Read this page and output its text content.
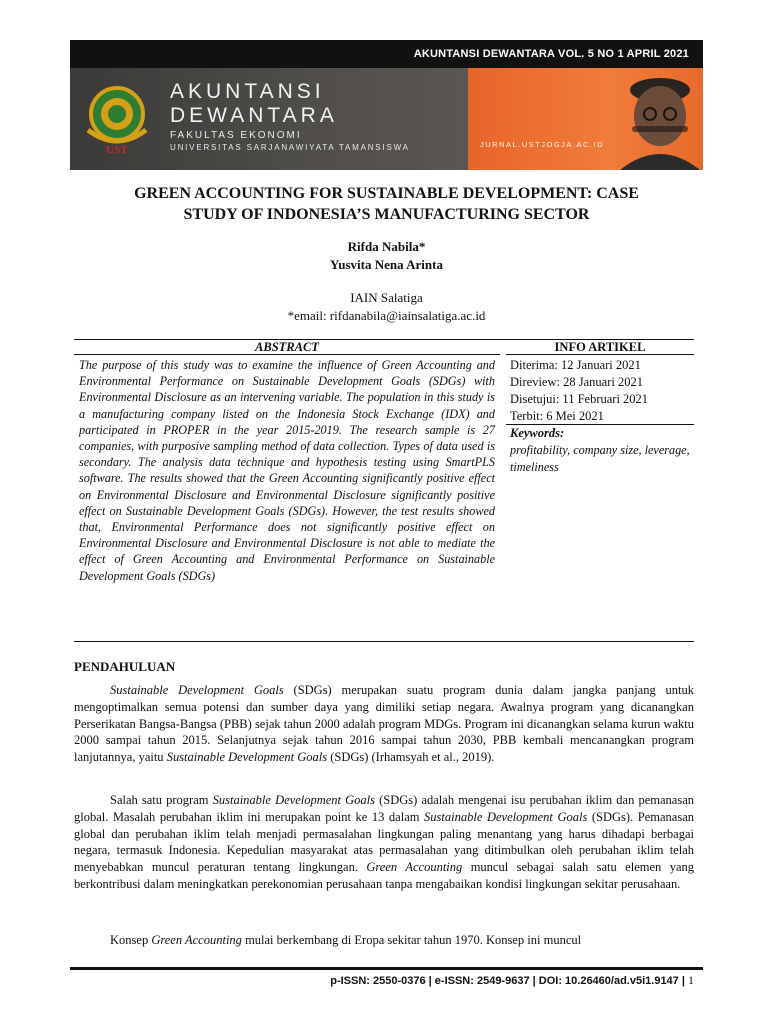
AKUNTANSI DEWANTARA VOL. 5 NO 1 APRIL 2021
UST
AKUNTANSI
DEWANTARA
FAKULTAS EKONOMI
UNIVERSITAS SARJANAWIYATA TAMANSISWA	JURNAL.USTJOGJA.AC.ID
GREEN ACCOUNTING FOR SUSTAINABLE DEVELOPMENT: CASE
STUDY OF INDONESIA’S MANUFACTURING SECTOR
Rifda Nabila*
Yusvita Nena Arinta
IAIN Salatiga
*email: rifdanabila@iainsalatiga.ac.id
ABSTRACT	INFO ARTIKEL
The purpose of this study was to examine the influence of Green Accounting and Environmental Performance on Sustainable Development Goals (SDGs) with Environmental Disclosure as an intervening variable. The population in this study is a manufacturing company listed on the Indonesia Stock Exchange (IDX) and participated in PROPER in the year 2015-2019. The research sample is 27 companies, with purposive sampling method of data collection. Types of data used is secondary. The analysis data technique and hypothesis testing using SmartPLS software. The results showed that the Green Accounting significantly positive effect on Environmental Disclosure and Environmental Disclosure significantly positive effect on Sustainable Development Goals (SDGs). However, the test results showed that, Environmental Performance does not significantly positive effect on Environmental Disclosure and Environmental Disclosure is not able to mediate the effect of Green Accounting and Environmental Performance on Sustainable Development Goals (SDGs)
Diterima: 12 Januari 2021
Direview: 28 Januari 2021
Disetujui: 11 Februari 2021
Terbit: 6 Mei 2021
Keywords:
profitability, company size, leverage, timeliness
PENDAHULUAN

Sustainable Development Goals (SDGs) merupakan suatu program dunia dalam jangka panjang untuk mengoptimalkan semua potensi dan sumber daya yang dimiliki setiap negara. Awalnya program yang dicanangkan Perserikatan Bangsa-Bangsa (PBB) sejak tahun 2000 adalah program MDGs. Program ini dicanangkan selama kurun waktu 2000 sampai tahun 2015. Selanjutnya sejak tahun 2016 sampai tahun 2030, PBB kembali mencanangkan program lanjutannya, yaitu Sustainable Development Goals (SDGs) (Irhamsyah et al., 2019).

Salah satu program Sustainable Development Goals (SDGs) adalah mengenai isu perubahan iklim dan pemanasan global. Masalah perubahan iklim ini merupakan point ke 13 dalam Sustainable Development Goals (SDGs). Pemanasan global dan perubahan iklim telah menjadi permasalahan lingkungan paling menantang yang harus dihadapi berbagai negara, termasuk Indonesia. Kepedulian masyarakat atas permasalahan yang ditimbulkan oleh perubahan iklim telah menyebabkan muncul peraturan tentang lingkungan. Green Accounting muncul sebagai salah satu elemen yang berkontribusi dalam meningkatkan perekonomian perusahaan tanpa mengabaikan kondisi lingkungan sekitar perusahaan.

Konsep Green Accounting mulai berkembang di Eropa sekitar tahun 1970. Konsep ini muncul

p-ISSN: 2550-0376 | e-ISSN: 2549-9637 | DOI: 10.26460/ad.v5i1.9147 | 1
